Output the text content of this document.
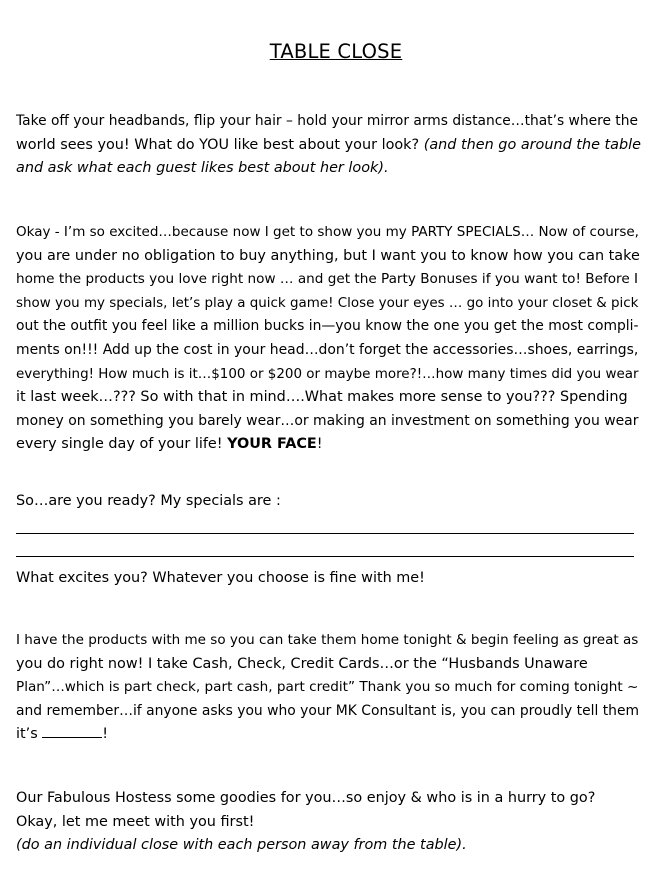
TABLE CLOSE
Take off your headbands, flip your hair – hold your mirror arms distance…that’s where the
world sees you! What do YOU like best about your look? (and then go around the table
and ask what each guest likes best about her look).
Okay - I’m so excited…because now I get to show you my PARTY SPECIALS… Now of course,
you are under no obligation to buy anything, but I want you to know how you can take
home the products you love right now … and get the Party Bonuses if you want to! Before I
show you my specials, let’s play a quick game! Close your eyes … go into your closet & pick
out the outfit you feel like a million bucks in—you know the one you get the most compli-
ments on!!! Add up the cost in your head…don’t forget the accessories…shoes, earrings,
everything! How much is it…$100 or $200 or maybe more?!…how many times did you wear
it last week…??? So with that in mind….What makes more sense to you??? Spending
money on something you barely wear…or making an investment on something you wear
every single day of your life! YOUR FACE!
So…are you ready? My specials are :
What excites you? Whatever you choose is fine with me!
I have the products with me so you can take them home tonight & begin feeling as great as
you do right now! I take Cash, Check, Credit Cards…or the “Husbands Unaware
Plan”…which is part check, part cash, part credit” Thank you so much for coming tonight ~
and remember…if anyone asks you who your MK Consultant is, you can proudly tell them
it’s	!
Our Fabulous Hostess some goodies for you…so enjoy & who is in a hurry to go?
Okay, let me meet with you first!
(do an individual close with each person away from the table).
